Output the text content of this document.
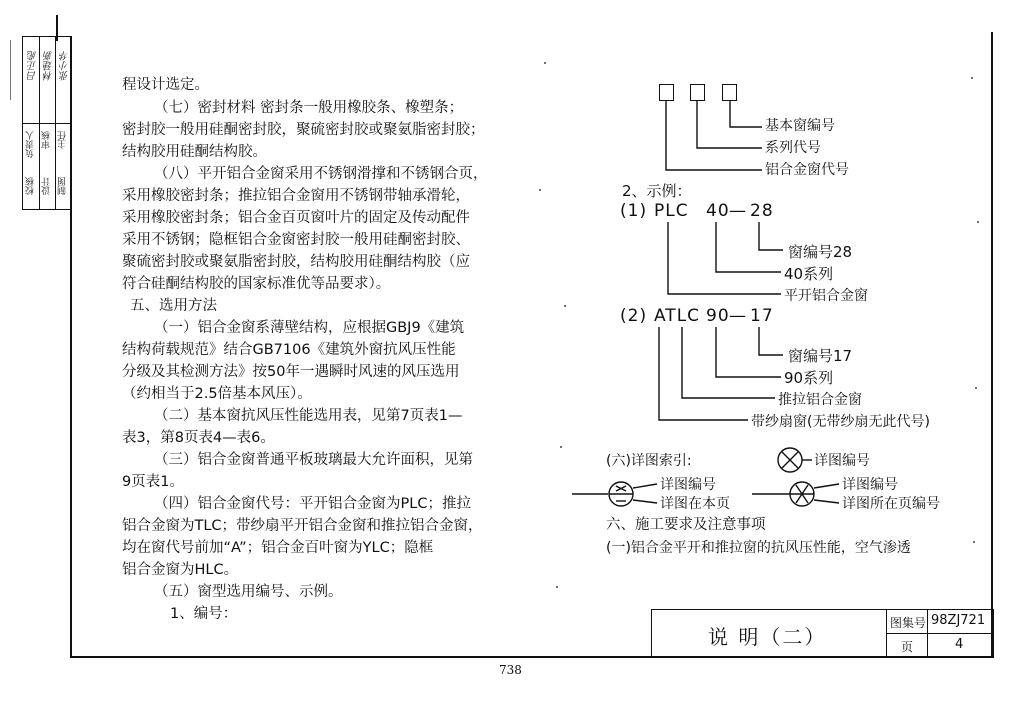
校核 设计 制图
负责人 审核 主任
吕正彪 林建新 张小华
程设计选定。
（七）密封材料 密封条一般用橡胶条、橡塑条；
密封胶一般用硅酮密封胶，聚硫密封胶或聚氨脂密封胶；
结构胶用硅酮结构胶。
（八）平开铝合金窗采用不锈钢滑撑和不锈钢合页，
采用橡胶密封条；推拉铝合金窗用不锈钢带轴承滑轮，
采用橡胶密封条；铝合金百页窗叶片的固定及传动配件
采用不锈钢；隐框铝合金窗密封胶一般用硅酮密封胶、
聚硫密封胶或聚氨脂密封胶，结构胶用硅酮结构胶（应
符合硅酮结构胶的国家标准优等品要求）。
五、选用方法
（一）铝合金窗系薄壁结构，应根据GBJ9《建筑
结构荷载规范》结合GB7106《建筑外窗抗风压性能
分级及其检测方法》按50年一遇瞬时风速的风压选用
（约相当于2.5倍基本风压）。
（二）基本窗抗风压性能选用表，见第7页表1—
表3，第8页表4—表6。
（三）铝合金窗普通平板玻璃最大允许面积，见第
9页表1。
（四）铝合金窗代号：平开铝合金窗为PLC；推拉
铝合金窗为TLC；带纱扇平开铝合金窗和推拉铝合金窗，
均在窗代号前加“A”；铝合金百叶窗为YLC；隐框
铝合金窗为HLC。
（五）窗型选用编号、示例。
1、编号：
基本窗编号
系列代号
铝合金窗代号
2、示例：
(1) PLC 40 — 28
窗编号28
40系列
平开铝合金窗
(2) ATLC 90 — 17
窗编号17
90系列
推拉铝合金窗
带纱扇窗(无带纱扇无此代号)
(六)详图索引:	详图编号
详图编号
详图在本页
详图编号
详图所在页编号
六、施工要求及注意事项
(一)铝合金平开和推拉窗的抗风压性能，空气渗透
说 明（二）
图集号 98ZJ721
页	4
738
